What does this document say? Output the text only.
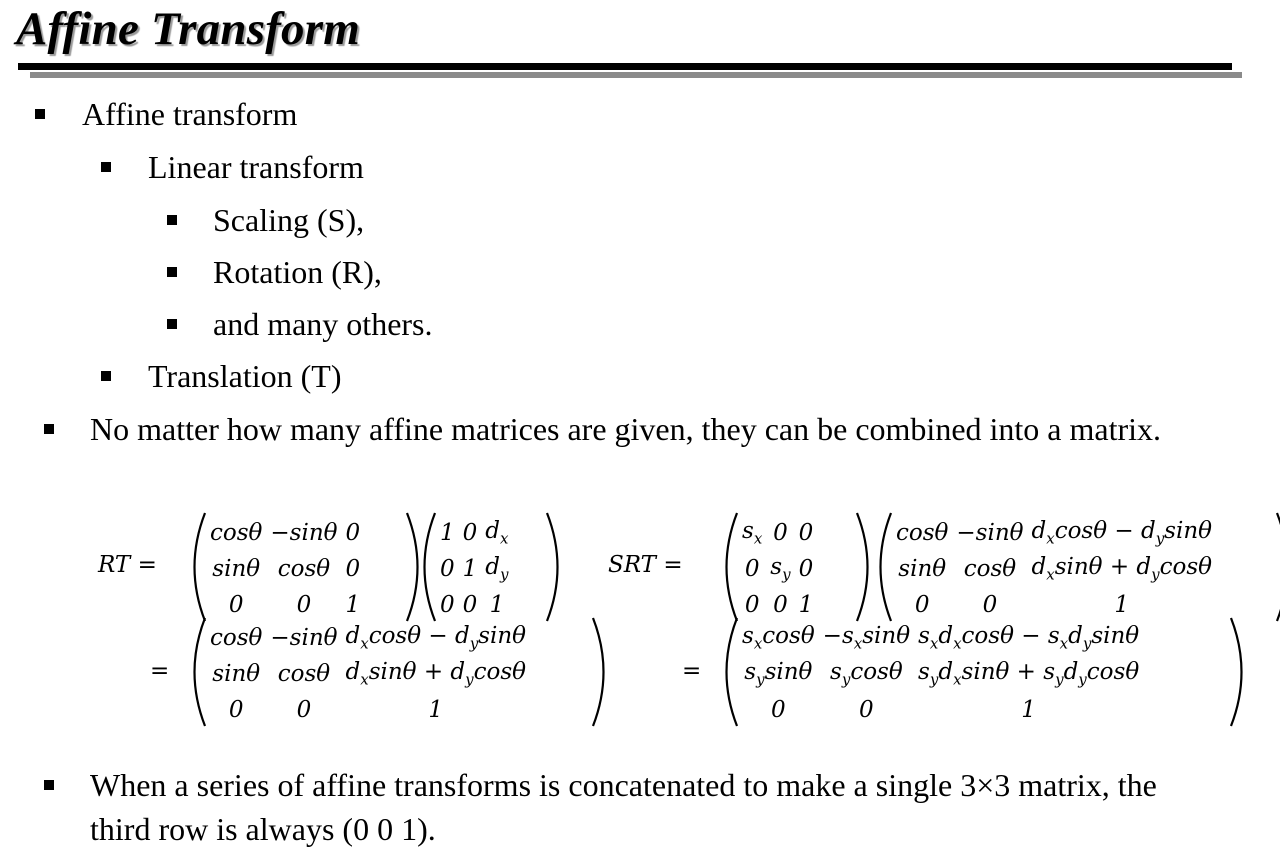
Affine Transform
Affine transform
Linear transform
Scaling (S),
Rotation (R),
and many others.
Translation (T)
No matter how many affine matrices are given, they can be combined into a matrix.
When a series of affine transforms is concatenated to make a single 3×3 matrix, the third row is always (0 0 1).
RT =	SRT =
=	=
cosθ	−sinθ	0
sinθ	cosθ	0
0	0	1
1	0	$d_x$
0	1	$d_y$
0	0	1
$s_x$	0	0
0	$s_y$	0
0	0	1
$s_x\cos\theta$	$-s_x\sin\theta$	$s_xd_x\cos\theta - s_xd_y\sin\theta$
$s_y\sin\theta$	$s_y\cos\theta$	$s_yd_x\sin\theta + s_yd_y\cos\theta$
0	0	1
cosθ	−sinθ	$d_x\cos\theta - d_y\sin\theta$
sinθ	cosθ	$d_x\sin\theta + d_y\cos\theta$
0	0	1
cosθ	−sinθ	$d_x\cos\theta - d_y\sin\theta$
sinθ	cosθ	$d_x\sin\theta + d_y\cos\theta$
0	0	1
